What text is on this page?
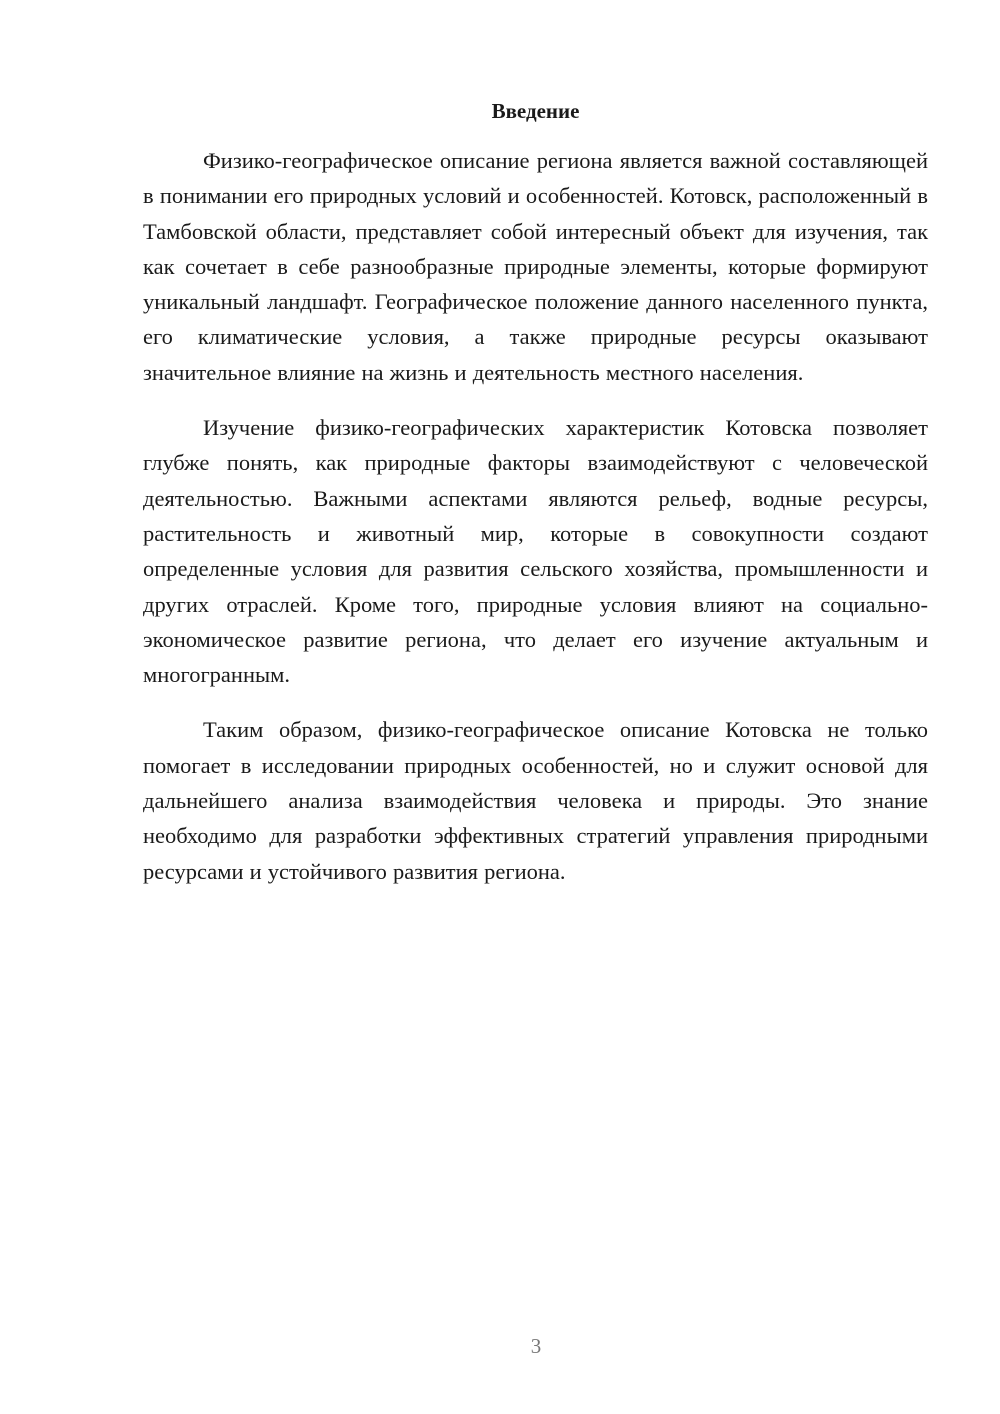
Введение

Физико-географическое описание региона является важной составляющей в понимании его природных условий и особенностей. Котовск, расположенный в Тамбовской области, представляет собой интересный объект для изучения, так как сочетает в себе разнообразные природные элементы, которые формируют уникальный ландшафт. Географическое положение данного населенного пункта, его климатические условия, а также природные ресурсы оказывают значительное влияние на жизнь и деятельность местного населения.

Изучение физико-географических характеристик Котовска позволяет глубже понять, как природные факторы взаимодействуют с человеческой деятельностью. Важными аспектами являются рельеф, водные ресурсы, растительность и животный мир, которые в совокупности создают определенные условия для развития сельского хозяйства, промышленности и других отраслей. Кроме того, природные условия влияют на социально-экономическое развитие региона, что делает его изучение актуальным и многогранным.

Таким образом, физико-географическое описание Котовска не только помогает в исследовании природных особенностей, но и служит основой для дальнейшего анализа взаимодействия человека и природы. Это знание необходимо для разработки эффективных стратегий управления природными ресурсами и устойчивого развития региона.

3
